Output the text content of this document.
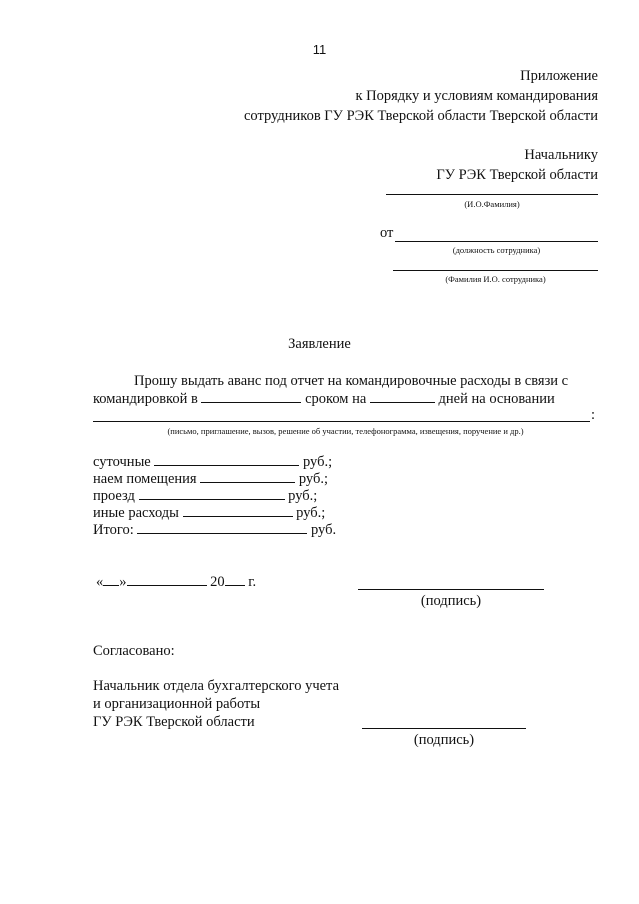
11
Приложение
к Порядку и условиям командирования
сотрудников ГУ РЭК Тверской области Тверской области
Начальнику
ГУ РЭК Тверской области
(И.О.Фамилия)
от
(должность сотрудника)
(Фамилия И.О. сотрудника)
Заявление
Прошу выдать аванс под отчет на командировочные расходы в связи с
командировкой в	сроком на	дней на основании
:
(письмо, приглашение, вызов, решение об участии, телефонограмма, извещения, поручение и др.)
суточные	руб.;
наем помещения	руб.;
проезд	руб.;
иные расходы	руб.;
Итого:	руб.
« »	20 г.
(подпись)
Согласовано:
Начальник отдела бухгалтерского учета
и организационной работы
ГУ РЭК Тверской области
(подпись)
